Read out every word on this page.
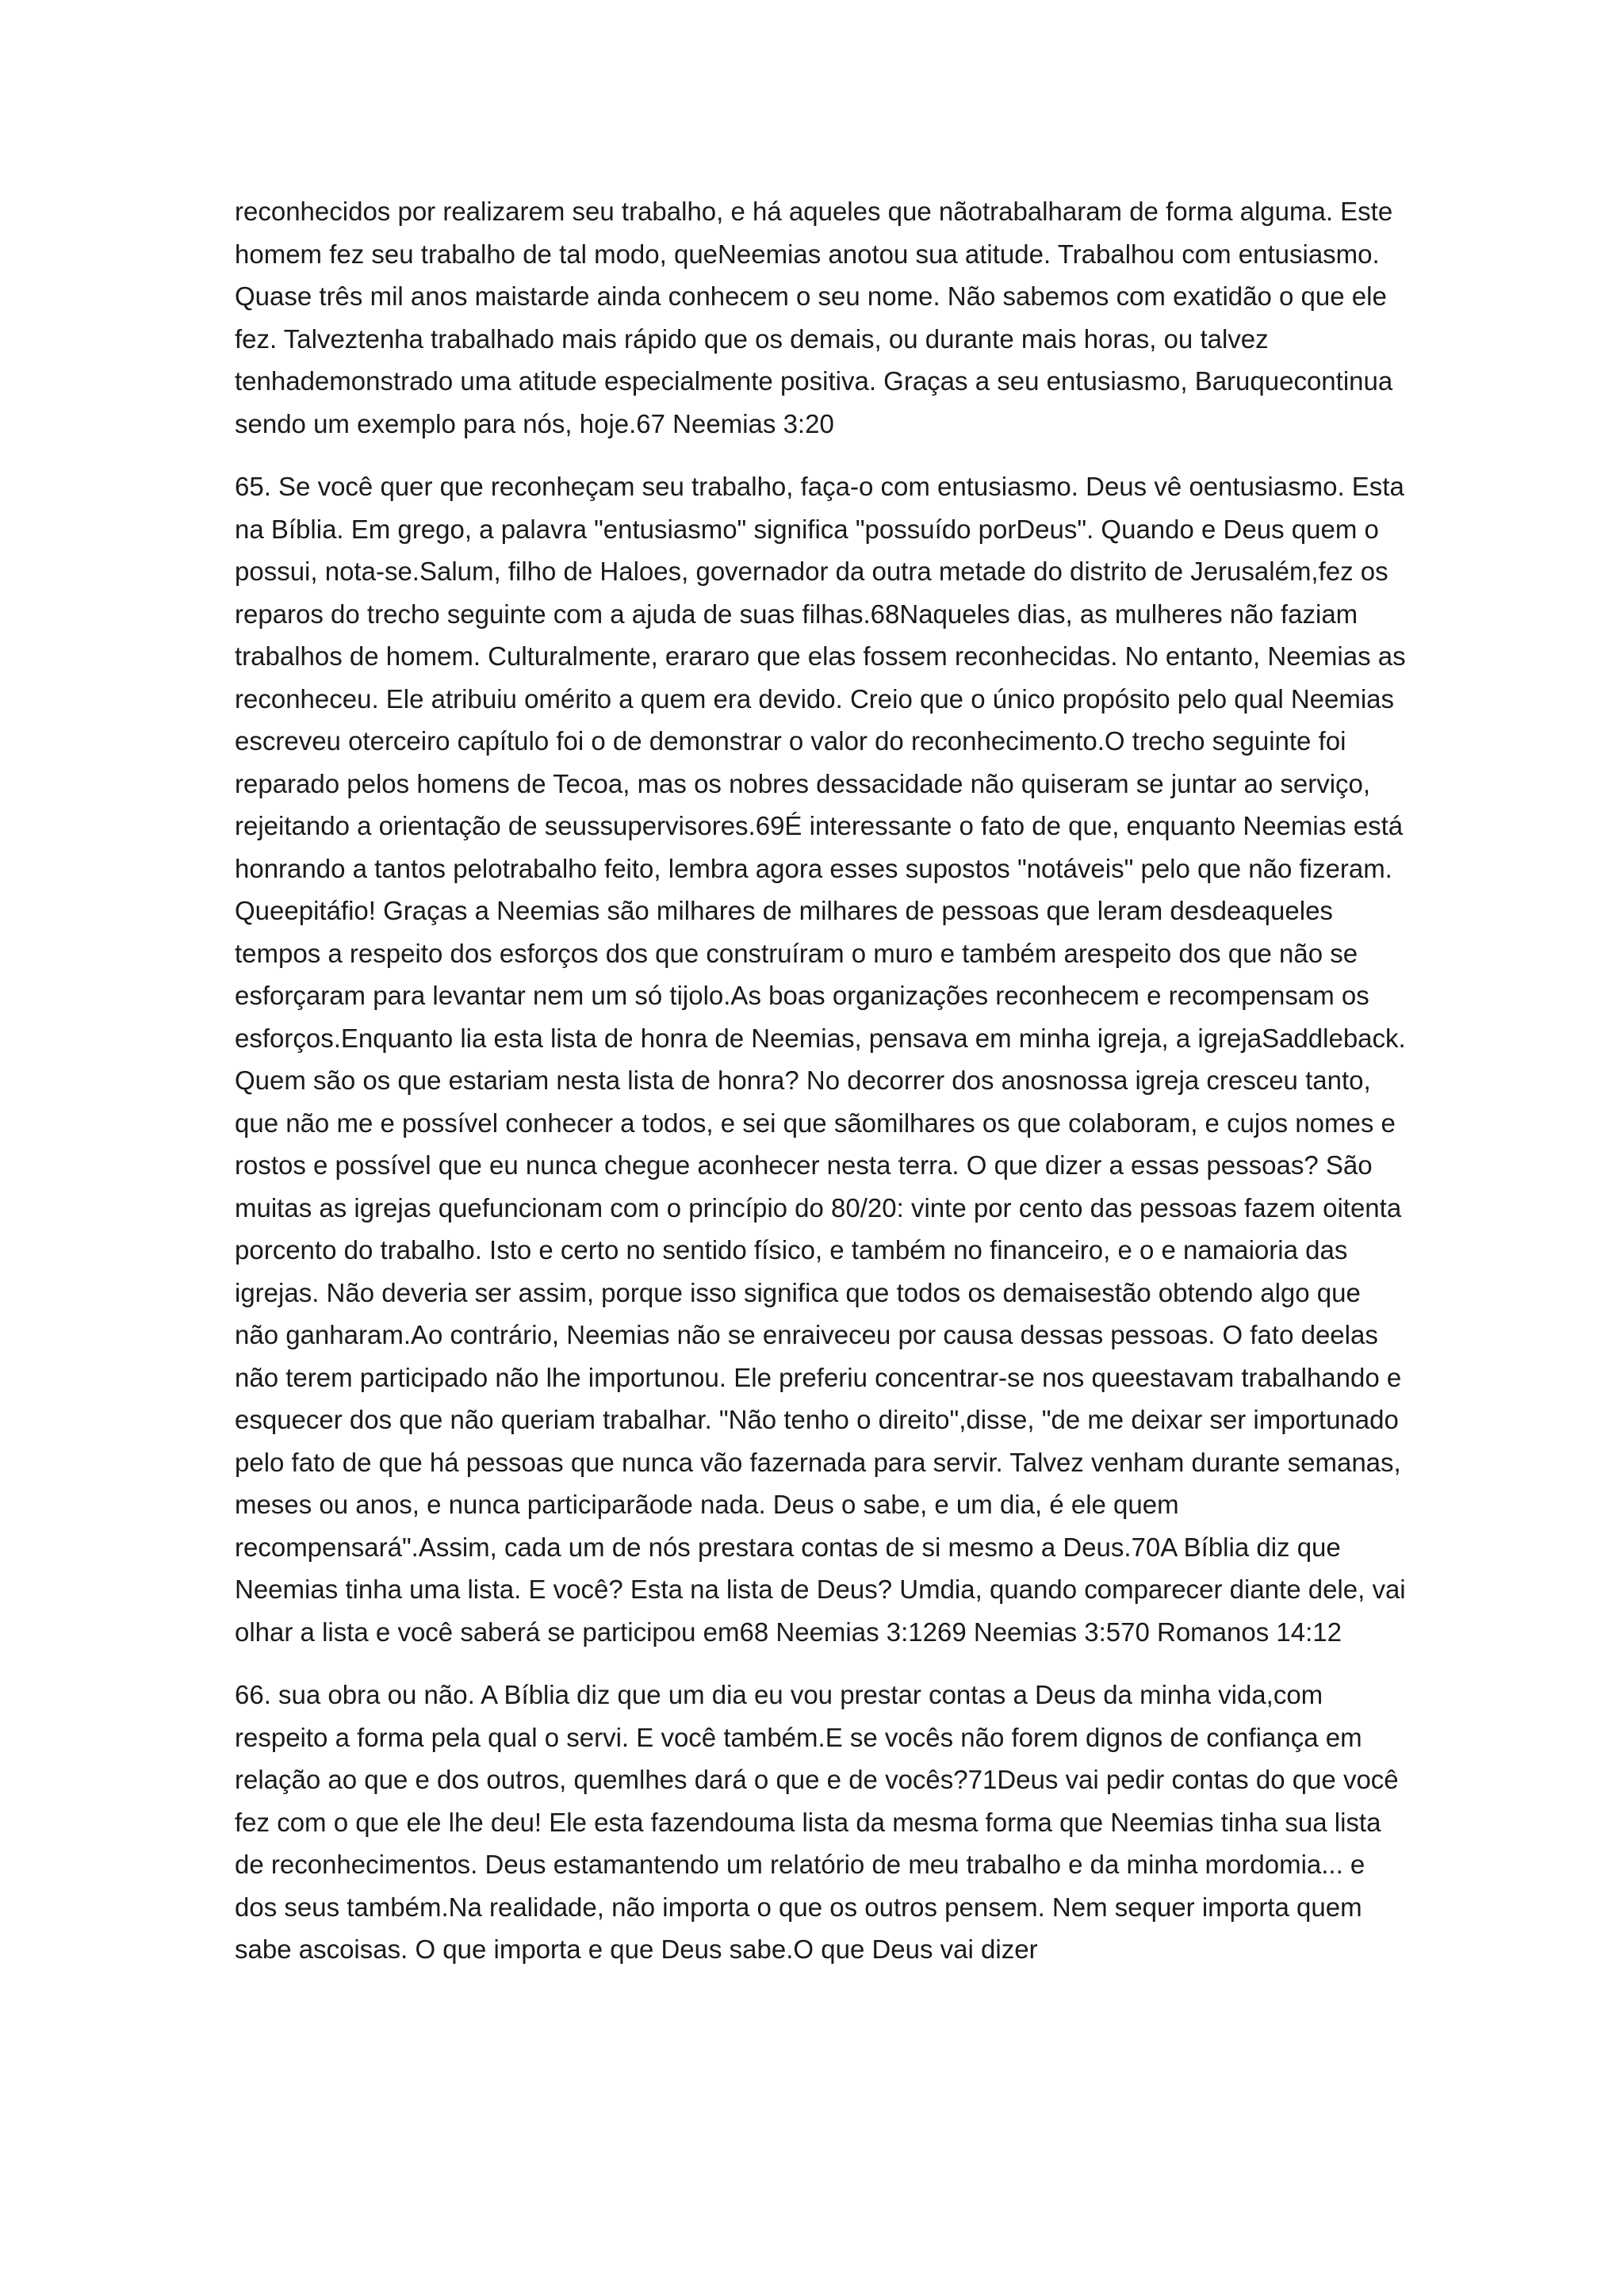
reconhecidos por realizarem seu trabalho, e há aqueles que nãotrabalharam de forma alguma. Este homem fez seu trabalho de tal modo, queNeemias anotou sua atitude. Trabalhou com entusiasmo. Quase três mil anos maistarde ainda conhecem o seu nome. Não sabemos com exatidão o que ele fez. Talveztenha trabalhado mais rápido que os demais, ou durante mais horas, ou talvez tenhademonstrado uma atitude especialmente positiva. Graças a seu entusiasmo, Baruquecontinua sendo um exemplo para nós, hoje.67 Neemias 3:20

65. Se você quer que reconheçam seu trabalho, faça-o com entusiasmo. Deus vê oentusiasmo. Esta na Bíblia. Em grego, a palavra "entusiasmo" significa "possuído porDeus". Quando e Deus quem o possui, nota-se.Salum, filho de Haloes, governador da outra metade do distrito de Jerusalém,fez os reparos do trecho seguinte com a ajuda de suas filhas.68Naqueles dias, as mulheres não faziam trabalhos de homem. Culturalmente, erararo que elas fossem reconhecidas. No entanto, Neemias as reconheceu. Ele atribuiu omérito a quem era devido. Creio que o único propósito pelo qual Neemias escreveu oterceiro capítulo foi o de demonstrar o valor do reconhecimento.O trecho seguinte foi reparado pelos homens de Tecoa, mas os nobres dessacidade não quiseram se juntar ao serviço, rejeitando a orientação de seussupervisores.69É interessante o fato de que, enquanto Neemias está honrando a tantos pelotrabalho feito, lembra agora esses supostos "notáveis" pelo que não fizeram. Queepitáfio! Graças a Neemias são milhares de milhares de pessoas que leram desdeaqueles tempos a respeito dos esforços dos que construíram o muro e também arespeito dos que não se esforçaram para levantar nem um só tijolo.As boas organizações reconhecem e recompensam os esforços.Enquanto lia esta lista de honra de Neemias, pensava em minha igreja, a igrejaSaddleback. Quem são os que estariam nesta lista de honra? No decorrer dos anosnossa igreja cresceu tanto, que não me e possível conhecer a todos, e sei que sãomilhares os que colaboram, e cujos nomes e rostos e possível que eu nunca chegue aconhecer nesta terra. O que dizer a essas pessoas? São muitas as igrejas quefuncionam com o princípio do 80/20: vinte por cento das pessoas fazem oitenta porcento do trabalho. Isto e certo no sentido físico, e também no financeiro, e o e namaioria das igrejas. Não deveria ser assim, porque isso significa que todos os demaisestão obtendo algo que não ganharam.Ao contrário, Neemias não se enraiveceu por causa dessas pessoas. O fato deelas não terem participado não lhe importunou. Ele preferiu concentrar-se nos queestavam trabalhando e esquecer dos que não queriam trabalhar. "Não tenho o direito",disse, "de me deixar ser importunado pelo fato de que há pessoas que nunca vão fazernada para servir. Talvez venham durante semanas, meses ou anos, e nunca participarãode nada. Deus o sabe, e um dia, é ele quem recompensará".Assim, cada um de nós prestara contas de si mesmo a Deus.70A Bíblia diz que Neemias tinha uma lista. E você? Esta na lista de Deus? Umdia, quando comparecer diante dele, vai olhar a lista e você saberá se participou em68 Neemias 3:1269 Neemias 3:570 Romanos 14:12

66. sua obra ou não. A Bíblia diz que um dia eu vou prestar contas a Deus da minha vida,com respeito a forma pela qual o servi. E você também.E se vocês não forem dignos de confiança em relação ao que e dos outros, quemlhes dará o que e de vocês?71Deus vai pedir contas do que você fez com o que ele lhe deu! Ele esta fazendouma lista da mesma forma que Neemias tinha sua lista de reconhecimentos. Deus estamantendo um relatório de meu trabalho e da minha mordomia... e dos seus também.Na realidade, não importa o que os outros pensem. Nem sequer importa quem sabe ascoisas. O que importa e que Deus sabe.O que Deus vai dizer
